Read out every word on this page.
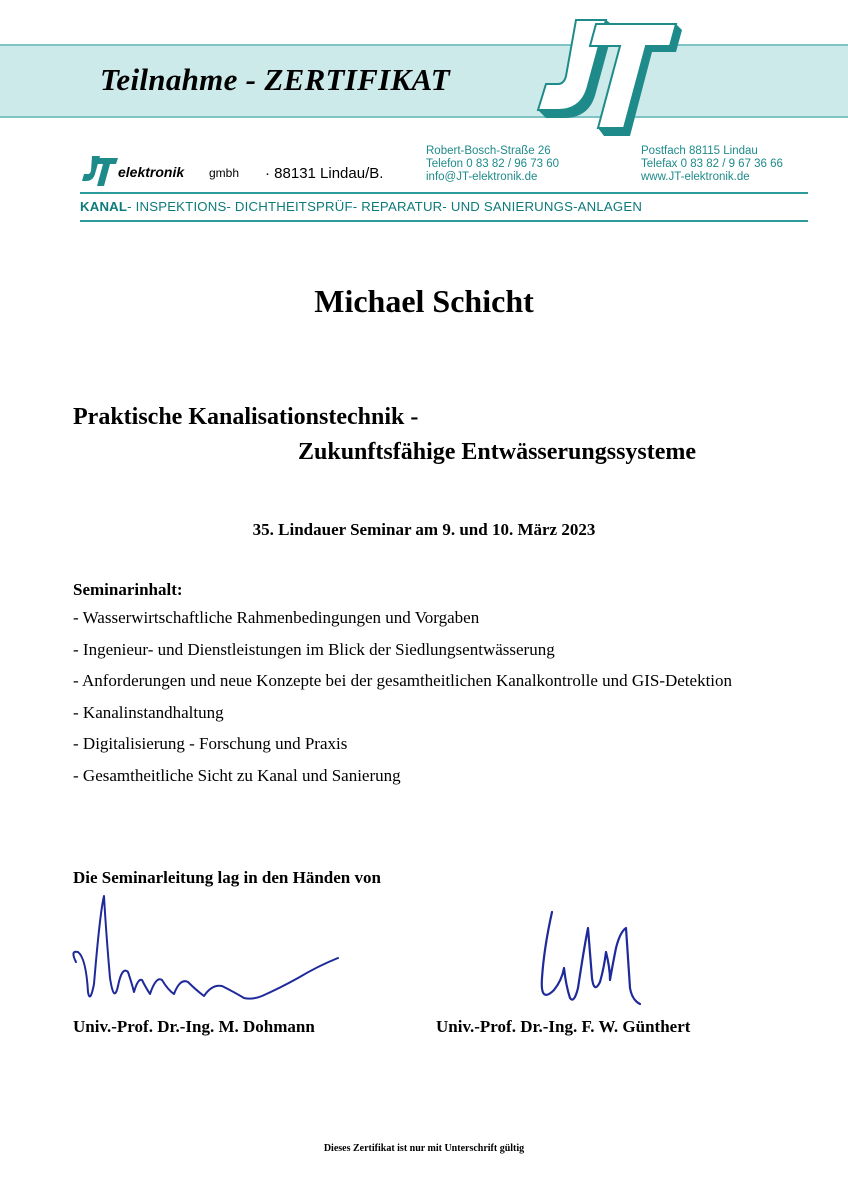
Teilnahme - ZERTIFIKAT
elektronik gmbh · 88131 Lindau/B.
Robert-Bosch-Straße 26
Telefon 0 83 82 / 96 73 60
info@JT-elektronik.de
Postfach 88115 Lindau
Telefax 0 83 82 / 9 67 36 66
www.JT-elektronik.de
KANAL- INSPEKTIONS- DICHTHEITSPRÜF- REPARATUR- UND SANIERUNGS-ANLAGEN
Michael Schicht
Praktische Kanalisationstechnik -
Zukunftsfähige Entwässerungssysteme
35. Lindauer Seminar am 9. und 10. März 2023
Seminarinhalt:
- Wasserwirtschaftliche Rahmenbedingungen und Vorgaben
- Ingenieur- und Dienstleistungen im Blick der Siedlungsentwässerung
- Anforderungen und neue Konzepte bei der gesamtheitlichen Kanalkontrolle und GIS-Detektion
- Kanalinstandhaltung
- Digitalisierung - Forschung und Praxis
- Gesamtheitliche Sicht zu Kanal und Sanierung
Die Seminarleitung lag in den Händen von
Univ.-Prof. Dr.-Ing. M. Dohmann	Univ.-Prof. Dr.-Ing. F. W. Günthert
Dieses Zertifikat ist nur mit Unterschrift gültig
